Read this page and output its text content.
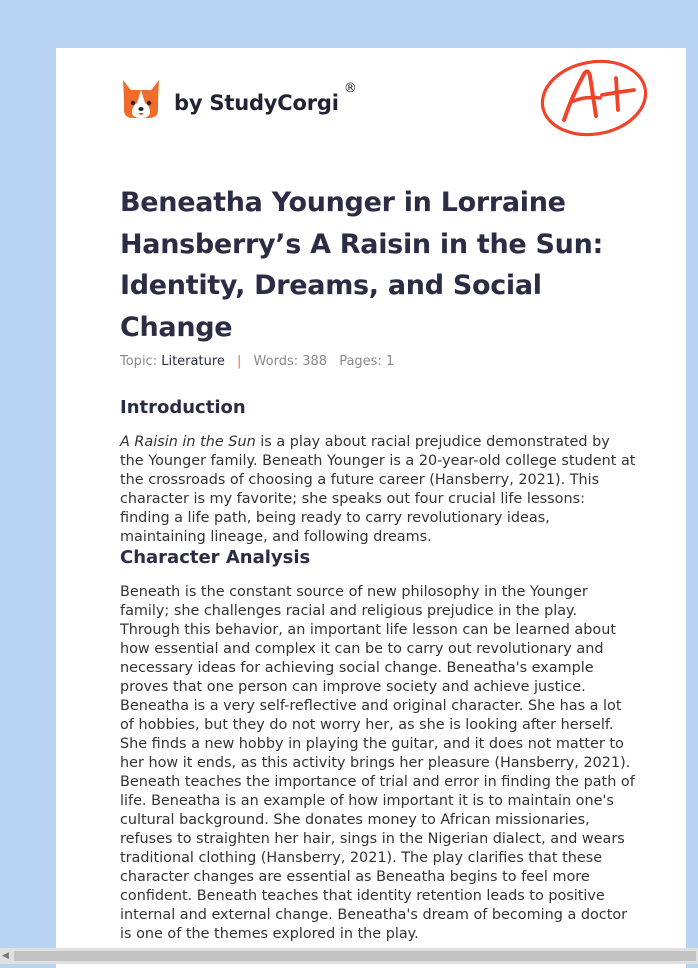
by StudyCorgi
®
Beneatha Younger in Lorraine Hansberry’s A Raisin in the Sun: Identity, Dreams, and Social Change
Topic: Literature | Words: 388 Pages: 1
Introduction

A Raisin in the Sun is a play about racial prejudice demonstrated by the Younger family. Beneath Younger is a 20-year-old college student at the crossroads of choosing a future career (Hansberry, 2021). This character is my favorite; she speaks out four crucial life lessons: finding a life path, being ready to carry revolutionary ideas, maintaining lineage, and following dreams.

Character Analysis

Beneath is the constant source of new philosophy in the Younger family; she challenges racial and religious prejudice in the play. Through this behavior, an important life lesson can be learned about how essential and complex it can be to carry out revolutionary and necessary ideas for achieving social change. Beneatha's example proves that one person can improve society and achieve justice. Beneatha is a very self-reflective and original character. She has a lot of hobbies, but they do not worry her, as she is looking after herself. She finds a new hobby in playing the guitar, and it does not matter to her how it ends, as this activity brings her pleasure (Hansberry, 2021). Beneath teaches the importance of trial and error in finding the path of life. Beneatha is an example of how important it is to maintain one's cultural background. She donates money to African missionaries, refuses to straighten her hair, sings in the Nigerian dialect, and wears traditional clothing (Hansberry, 2021). The play clarifies that these character changes are essential as Beneatha begins to feel more confident. Beneath teaches that identity retention leads to positive internal and external change. Beneatha's dream of becoming a doctor is one of the themes explored in the play.

◀
